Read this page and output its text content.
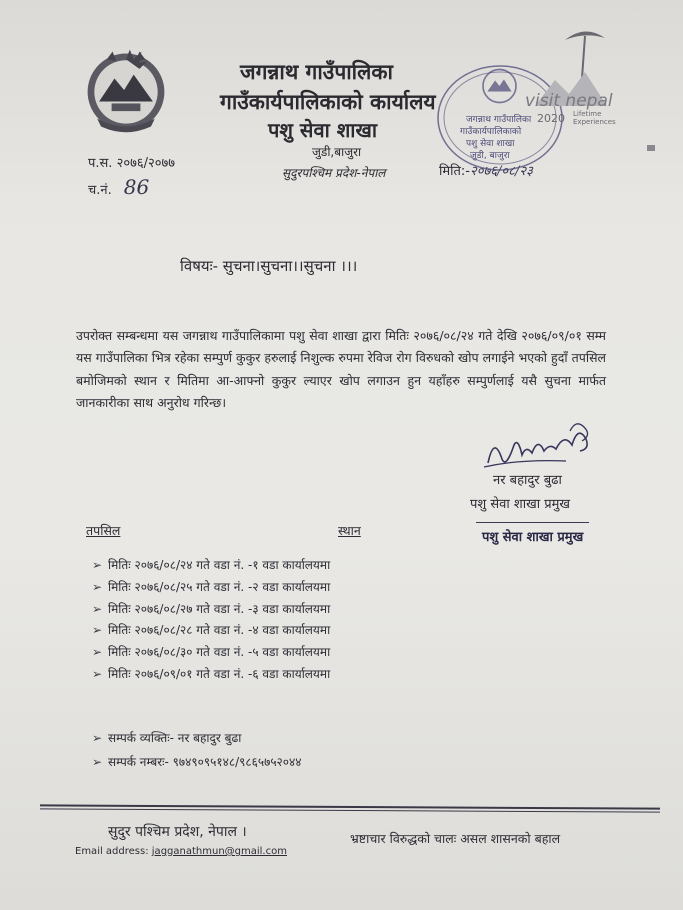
जगन्नाथ गाउँपालिका
गाउँकार्यपालिकाको कार्यालय
पशु सेवा शाखा
जुडी,बाजुरा
सुदुरपश्चिम प्रदेश-नेपाल
प.स. २०७६/२०७७
च.नं. 86
मिति:-२०७६/०८/२३
जगन्नाथ गाउँपालिका
गाउँकार्यपालिकाको
पशु सेवा शाखा
जुडी, बाजुरा
visit nepal
2020 Lifetime
Experiences
विषयः- सुचना।सुचना।।सुचना ।।।

उपरोक्त सम्बन्धमा यस जगन्नाथ गाउँपालिकामा पशु सेवा शाखा द्वारा मितिः २०७६/०८/२४ गते देखि २०७६/०९/०१ सम्म यस गाउँपालिका भित्र रहेका सम्पुर्ण कुकुर हरुलाई निशुल्क रुपमा रेविज रोग विरुधको खोप लगाईने भएको हुदाँ तपसिल बमोजिमको स्थान र मितिमा आ-आफ्नो कुकुर ल्याएर खोप लगाउन हुन यहाँहरु सम्पुर्णलाई यसै सुचना मार्फत जानकारीका साथ अनुरोध गरिन्छ।

नर बहादुर बुढा
पशु सेवा शाखा प्रमुख
पशु सेवा शाखा प्रमुख
तपसिल	स्थान
➢ मितिः २०७६/०८/२४ गते वडा नं. -१ वडा कार्यालयमा
➢ मितिः २०७६/०८/२५ गते वडा नं. -२ वडा कार्यालयमा
➢ मितिः २०७६/०८/२७ गते वडा नं. -३ वडा कार्यालयमा
➢ मितिः २०७६/०८/२८ गते वडा नं. -४ वडा कार्यालयमा
➢ मितिः २०७६/०८/३० गते वडा नं. -५ वडा कार्यालयमा
➢ मितिः २०७६/०९/०१ गते वडा नं. -६ वडा कार्यालयमा
➢ सम्पर्क व्यक्तिः- नर बहादुर बुढा
➢ सम्पर्क नम्बरः- ९७४९०९५१४८/९८६५७५२०४४
सुदुर पश्चिम प्रदेश, नेपाल ।	भ्रष्टाचार विरुद्धको चालः असल शासनको बहाल
Email address: jagganathmun@gmail.com
